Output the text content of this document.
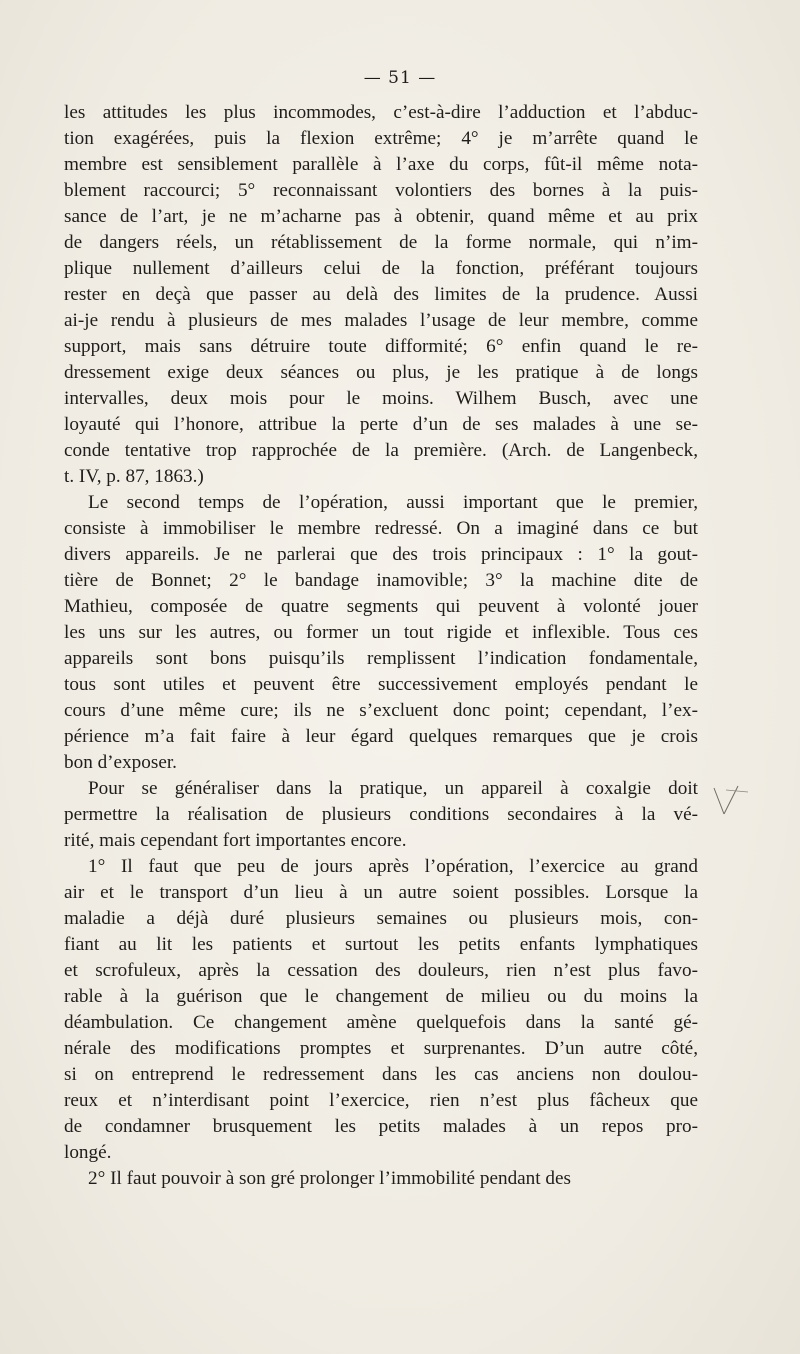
— 51 —
les attitudes les plus incommodes, c’est-à-dire l’adduction et l’abduc-
tion exagérées, puis la flexion extrême; 4° je m’arrête quand le
membre est sensiblement parallèle à l’axe du corps, fût-il même nota-
blement raccourci; 5° reconnaissant volontiers des bornes à la puis-
sance de l’art, je ne m’acharne pas à obtenir, quand même et au prix
de dangers réels, un rétablissement de la forme normale, qui n’im-
plique nullement d’ailleurs celui de la fonction, préférant toujours
rester en deçà que passer au delà des limites de la prudence. Aussi
ai-je rendu à plusieurs de mes malades l’usage de leur membre, comme
support, mais sans détruire toute difformité; 6° enfin quand le re-
dressement exige deux séances ou plus, je les pratique à de longs
intervalles, deux mois pour le moins. Wilhem Busch, avec une
loyauté qui l’honore, attribue la perte d’un de ses malades à une se-
conde tentative trop rapprochée de la première. (Arch. de Langenbeck,
t. IV, p. 87, 1863.)
Le second temps de l’opération, aussi important que le premier,
consiste à immobiliser le membre redressé. On a imaginé dans ce but
divers appareils. Je ne parlerai que des trois principaux : 1° la gout-
tière de Bonnet; 2° le bandage inamovible; 3° la machine dite de
Mathieu, composée de quatre segments qui peuvent à volonté jouer
les uns sur les autres, ou former un tout rigide et inflexible. Tous ces
appareils sont bons puisqu’ils remplissent l’indication fondamentale,
tous sont utiles et peuvent être successivement employés pendant le
cours d’une même cure; ils ne s’excluent donc point; cependant, l’ex-
périence m’a fait faire à leur égard quelques remarques que je crois
bon d’exposer.
Pour se généraliser dans la pratique, un appareil à coxalgie doit
permettre la réalisation de plusieurs conditions secondaires à la vé-
rité, mais cependant fort importantes encore.
1° Il faut que peu de jours après l’opération, l’exercice au grand
air et le transport d’un lieu à un autre soient possibles. Lorsque la
maladie a déjà duré plusieurs semaines ou plusieurs mois, con-
fiant au lit les patients et surtout les petits enfants lymphatiques
et scrofuleux, après la cessation des douleurs, rien n’est plus favo-
rable à la guérison que le changement de milieu ou du moins la
déambulation. Ce changement amène quelquefois dans la santé gé-
nérale des modifications promptes et surprenantes. D’un autre côté,
si on entreprend le redressement dans les cas anciens non doulou-
reux et n’interdisant point l’exercice, rien n’est plus fâcheux que
de condamner brusquement les petits malades à un repos pro-
longé.
2° Il faut pouvoir à son gré prolonger l’immobilité pendant des
